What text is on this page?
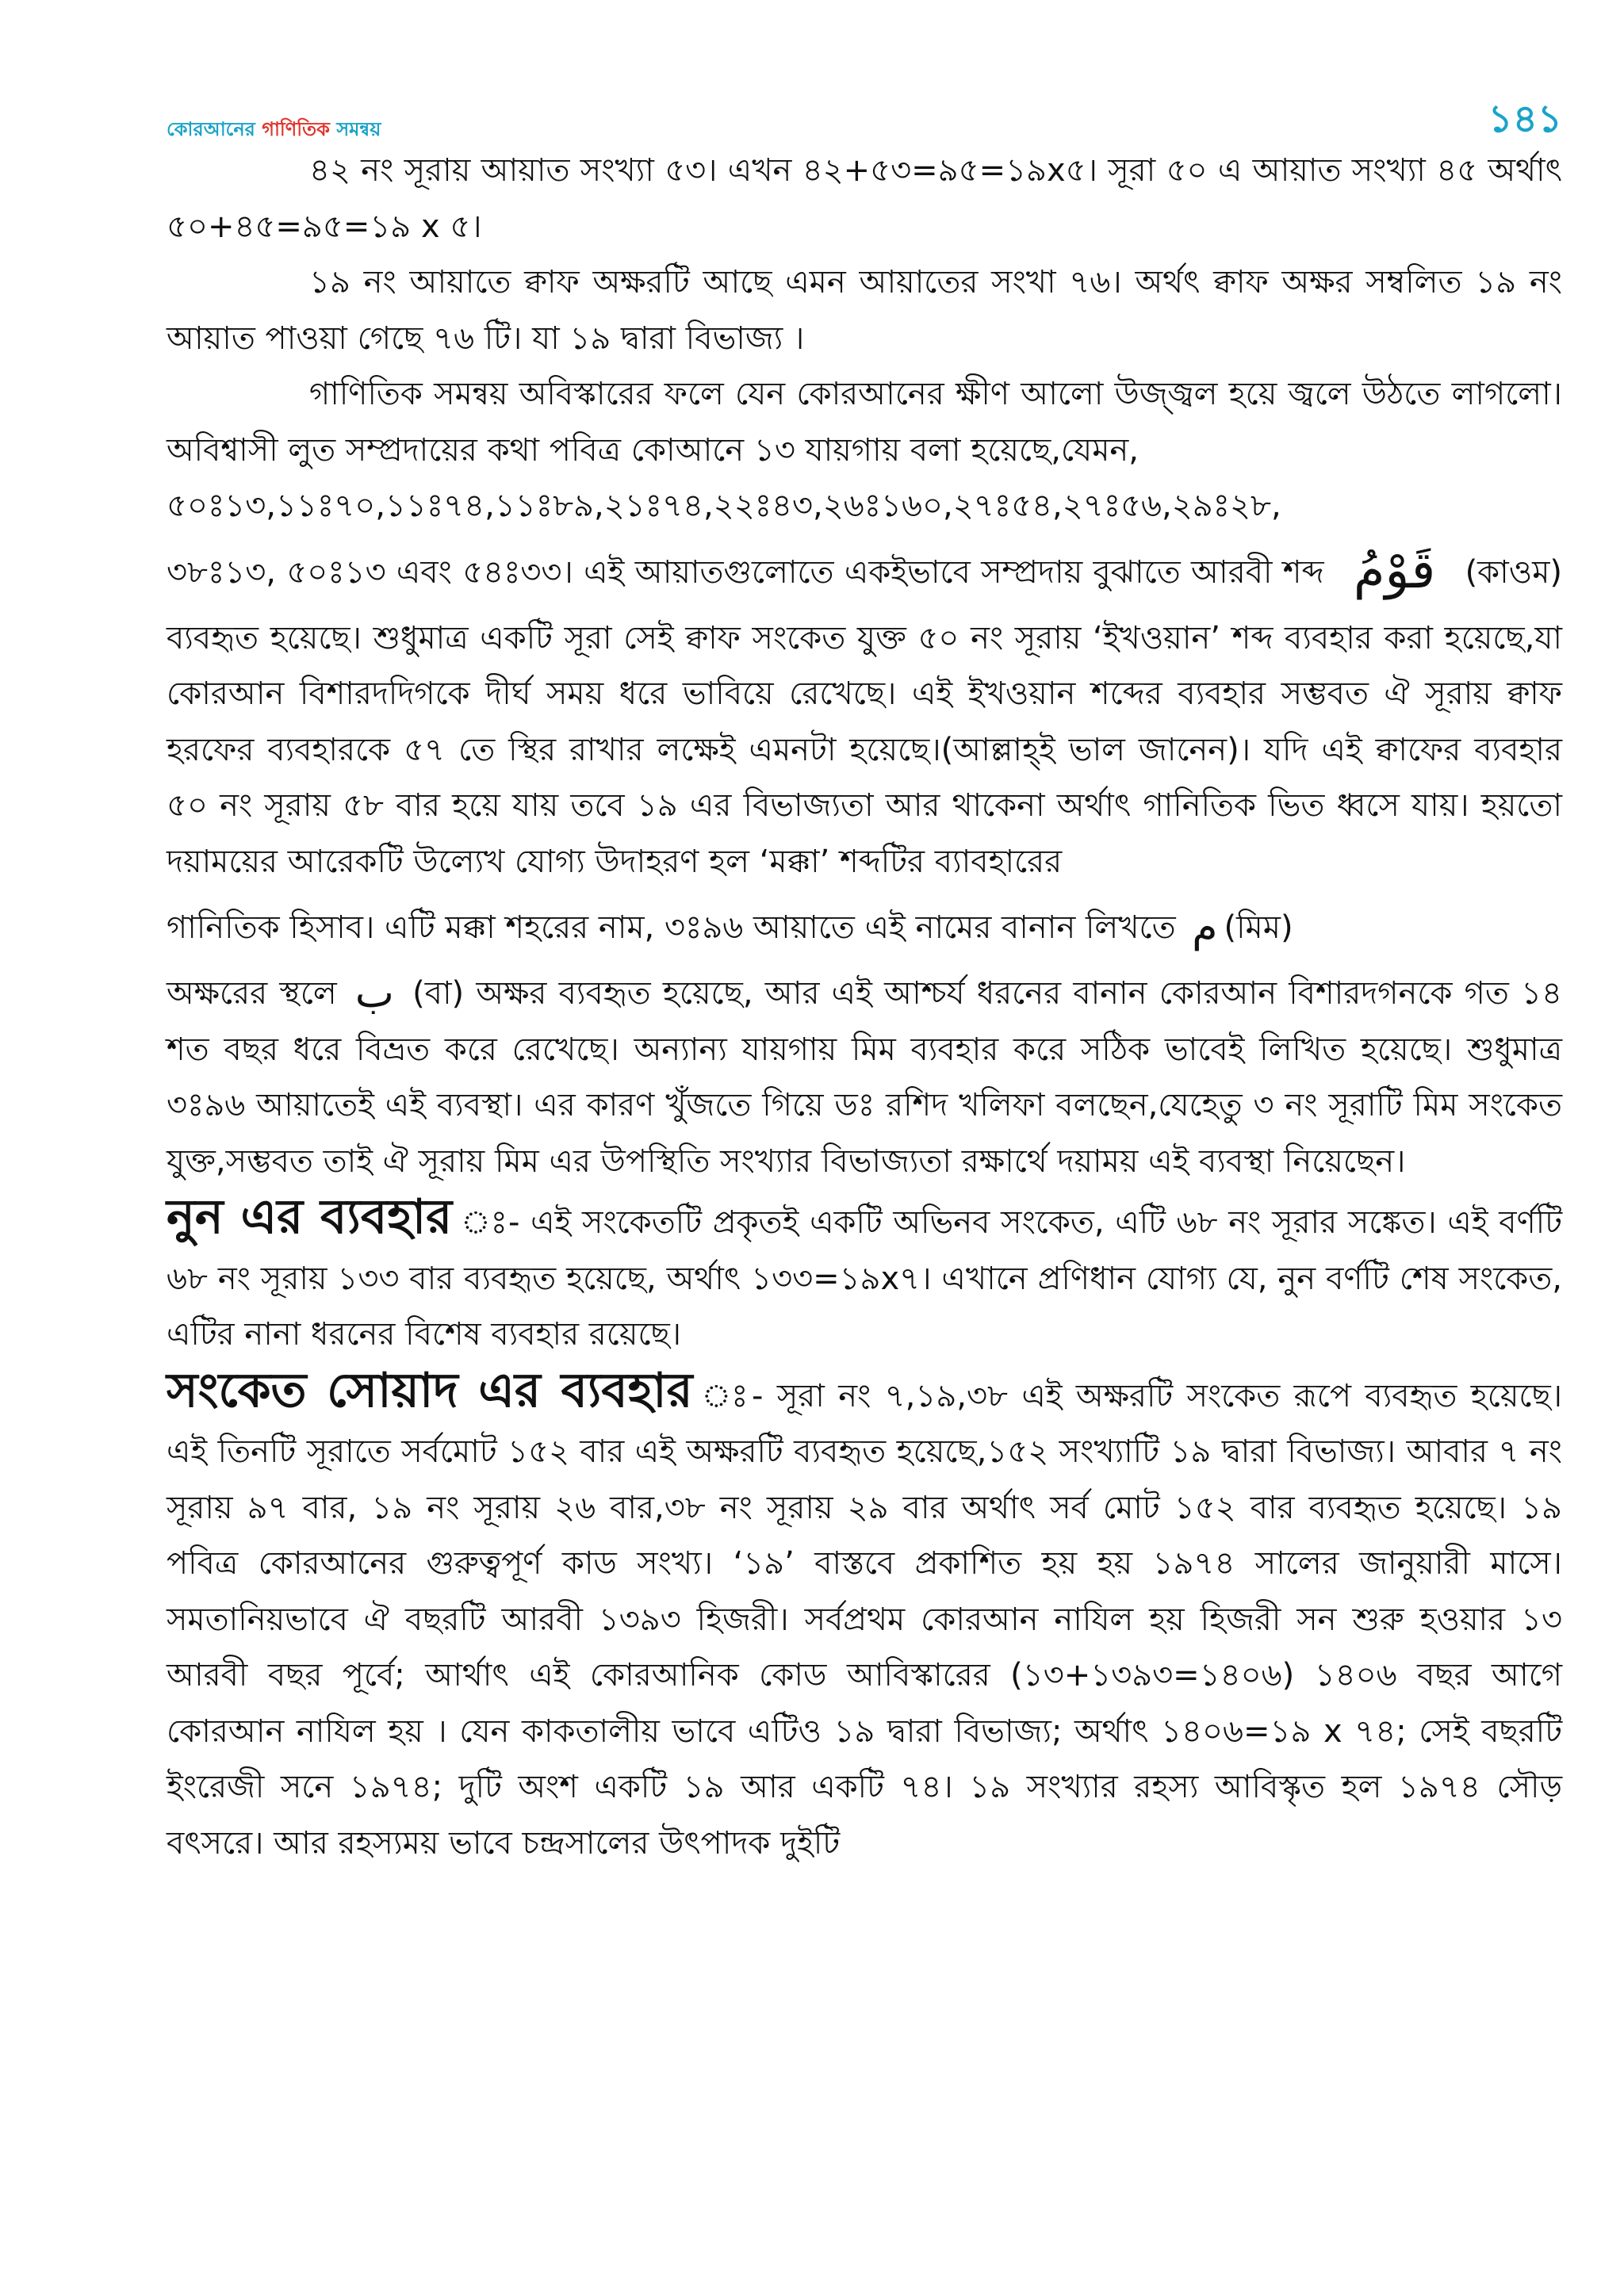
কোরআনের গাণিতিক সমন্বয়	১৪১

৪২ নং সূরায় আয়াত সংখ্যা ৫৩। এখন ৪২+৫৩=৯৫=১৯x৫। সূরা ৫০ এ আয়াত সংখ্যা ৪৫ অর্থাৎ ৫০+৪৫=৯৫=১৯ x ৫।

১৯ নং আয়াতে ক্বাফ অক্ষরটি আছে এমন আয়াতের সংখা ৭৬। অর্থৎ ক্বাফ অক্ষর সম্বলিত ১৯ নং আয়াত পাওয়া গেছে ৭৬ টি। যা ১৯ দ্বারা বিভাজ্য ।

গাণিতিক সমন্বয় অবিস্কারের ফলে যেন কোরআনের ক্ষীণ আলো উজ্জ্বল হয়ে জ্বলে উঠতে লাগলো। অবিশ্বাসী লুত সম্প্রদায়ের কথা পবিত্র কোআনে ১৩ যায়গায় বলা হয়েছে,যেমন,

৫০ঃ১৩,১১ঃ৭০,১১ঃ৭৪,১১ঃ৮৯,২১ঃ৭৪,২২ঃ৪৩,২৬ঃ১৬০,২৭ঃ৫৪,২৭ঃ৫৬,২৯ঃ২৮,

৩৮ঃ১৩, ৫০ঃ১৩ এবং ৫৪ঃ৩৩। এই আয়াতগুলোতে একইভাবে সম্প্রদায় বুঝাতে আরবী শব্দ قَوْمُ (কাওম) ব্যবহৃত হয়েছে। শুধুমাত্র একটি সূরা সেই ক্বাফ সংকেত যুক্ত ৫০ নং সূরায় ‘ইখওয়ান’ শব্দ ব্যবহার করা হয়েছে,যা কোরআন বিশারদদিগকে দীর্ঘ সময় ধরে ভাবিয়ে রেখেছে। এই ইখওয়ান শব্দের ব্যবহার সম্ভবত ঐ সূরায় ক্বাফ হরফের ব্যবহারকে ৫৭ তে স্থির রাখার লক্ষেই এমনটা হয়েছে।(আল্লাহ্ই ভাল জানেন)। যদি এই ক্বাফের ব্যবহার ৫০ নং সূরায় ৫৮ বার হয়ে যায় তবে ১৯ এর বিভাজ্যতা আর থাকেনা অর্থাৎ গানিতিক ভিত ধ্বসে যায়। হয়তো দয়াময়ের আরেকটি উল্যেখ যোগ্য উদাহরণ হল ‘মক্কা’ শব্দটির ব্যাবহারের

গানিতিক হিসাব। এটি মক্কা শহরের নাম, ৩ঃ৯৬ আয়াতে এই নামের বানান লিখতে م (মিম)

অক্ষরের স্থলে ب (বা) অক্ষর ব্যবহৃত হয়েছে, আর এই আশ্চর্য ধরনের বানান কোরআন বিশারদগনকে গত ১৪ শত বছর ধরে বিভ্রত করে রেখেছে। অন্যান্য যায়গায় মিম ব্যবহার করে সঠিক ভাবেই লিখিত হয়েছে। শুধুমাত্র ৩ঃ৯৬ আয়াতেই এই ব্যবস্থা। এর কারণ খুঁজতে গিয়ে ডঃ রশিদ খলিফা বলছেন,যেহেতু ৩ নং সূরাটি মিম সংকেত যুক্ত,সম্ভবত তাই ঐ সূরায় মিম এর উপস্থিতি সংখ্যার বিভাজ্যতা রক্ষার্থে দয়াময় এই ব্যবস্থা নিয়েছেন।

নুন এর ব্যবহার ঃ- এই সংকেতটি প্রকৃতই একটি অভিনব সংকেত, এটি ৬৮ নং সূরার সঙ্কেত। এই বর্ণটি ৬৮ নং সূরায় ১৩৩ বার ব্যবহৃত হয়েছে, অর্থাৎ ১৩৩=১৯x৭। এখানে প্রণিধান যোগ্য যে, নুন বর্ণটি শেষ সংকেত, এটির নানা ধরনের বিশেষ ব্যবহার রয়েছে।

সংকেত সোয়াদ এর ব্যবহার ঃ- সূরা নং ৭,১৯,৩৮ এই অক্ষরটি সংকেত রূপে ব্যবহৃত হয়েছে। এই তিনটি সূরাতে সর্বমোট ১৫২ বার এই অক্ষরটি ব্যবহৃত হয়েছে,১৫২ সংখ্যাটি ১৯ দ্বারা বিভাজ্য। আবার ৭ নং সূরায় ৯৭ বার, ১৯ নং সূরায় ২৬ বার,৩৮ নং সূরায় ২৯ বার অর্থাৎ সর্ব মোট ১৫২ বার ব্যবহৃত হয়েছে। ১৯ পবিত্র কোরআনের গুরুত্বপূর্ণ কাড সংখ্য। ‘১৯’ বাস্তবে প্রকাশিত হয় হয় ১৯৭৪ সালের জানুয়ারী মাসে। সমতানিয়ভাবে ঐ বছরটি আরবী ১৩৯৩ হিজরী। সর্বপ্রথম কোরআন নাযিল হয় হিজরী সন শুরু হওয়ার ১৩ আরবী বছর পূর্বে; আর্থাৎ এই কোরআনিক কোড আবিস্কারের (১৩+১৩৯৩=১৪০৬) ১৪০৬ বছর আগে কোরআন নাযিল হয় । যেন কাকতালীয় ভাবে এটিও ১৯ দ্বারা বিভাজ্য; অর্থাৎ ১৪০৬=১৯ x ৭৪; সেই বছরটি ইংরেজী সনে ১৯৭৪; দুটি অংশ একটি ১৯ আর একটি ৭৪। ১৯ সংখ্যার রহস্য আবিস্কৃত হল ১৯৭৪ সৌড় বৎসরে। আর রহস্যময় ভাবে চন্দ্রসালের উৎপাদক দুইটি
